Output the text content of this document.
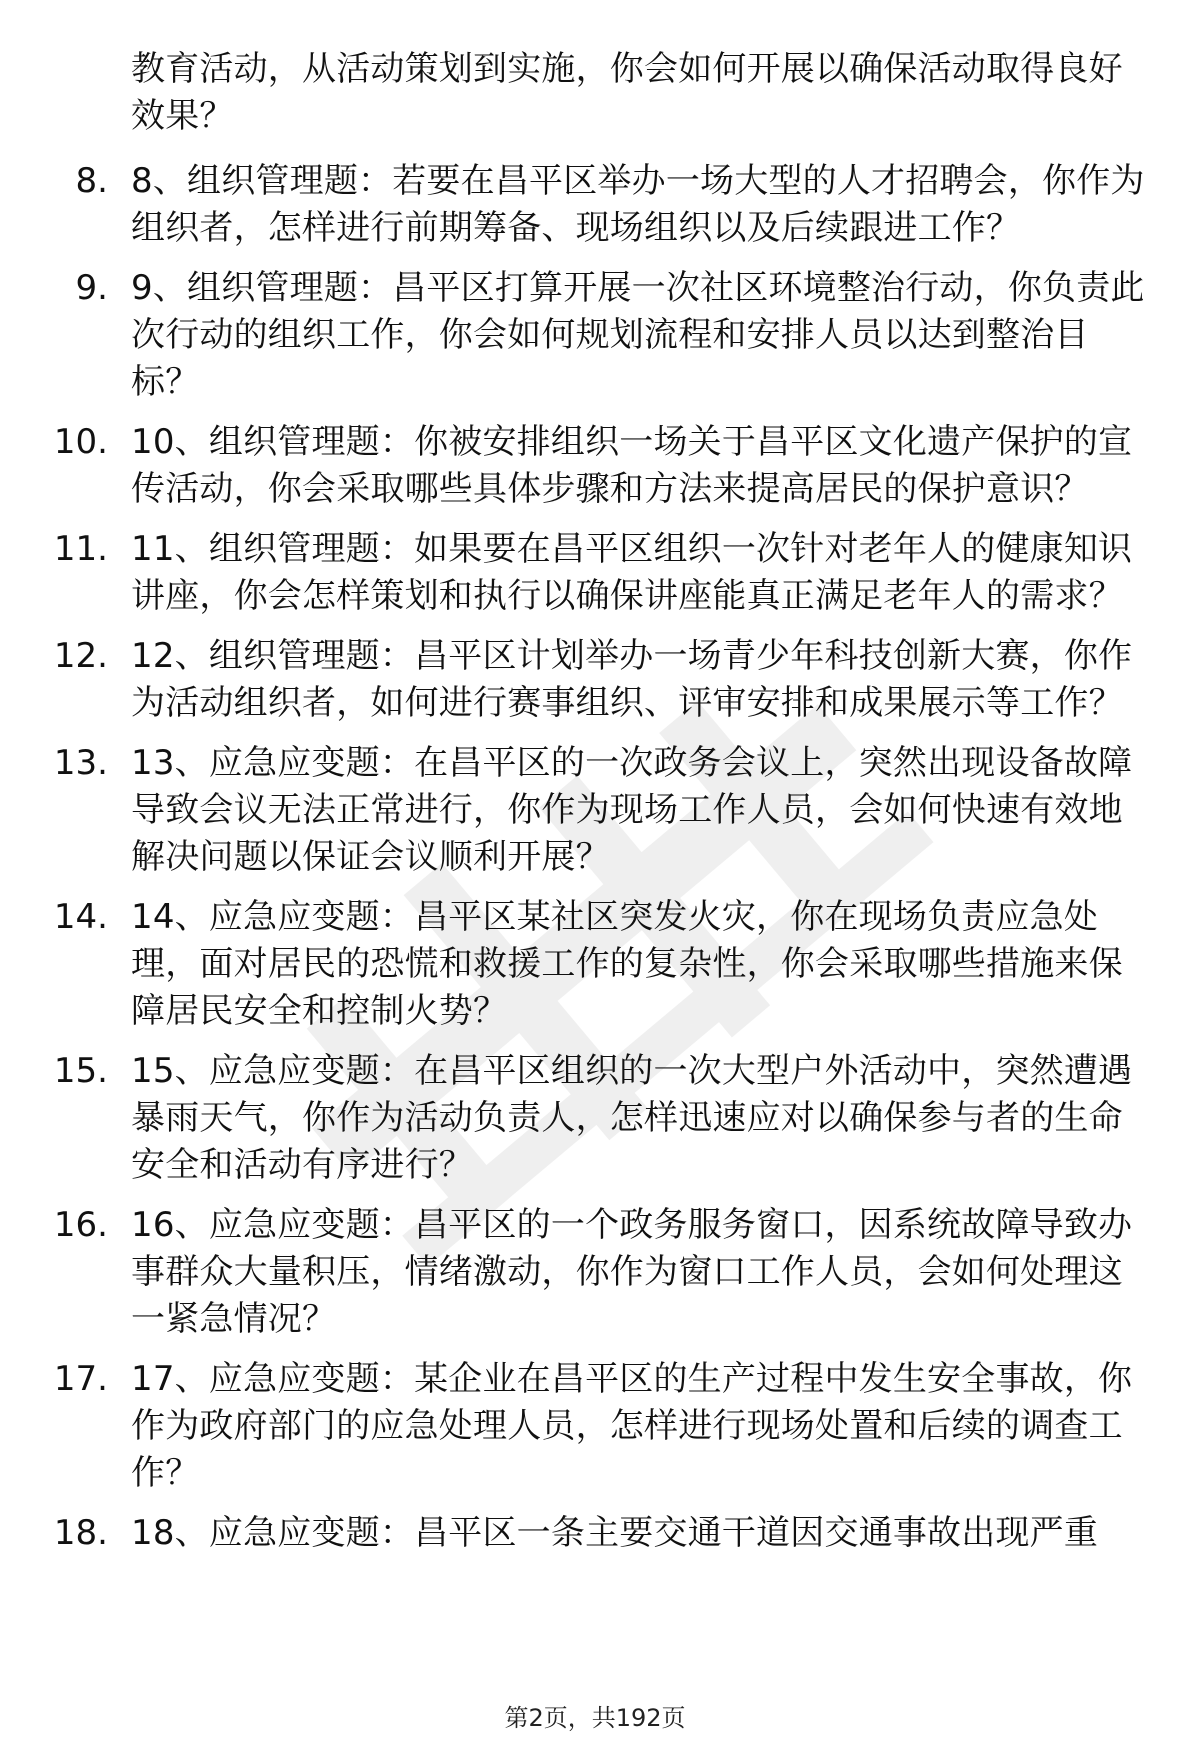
教育活动，从活动策划到实施，你会如何开展以确保活动取得良好效果？
8. 8、组织管理题：若要在昌平区举办一场大型的人才招聘会，你作为组织者，怎样进行前期筹备、现场组织以及后续跟进工作？
9. 9、组织管理题：昌平区打算开展一次社区环境整治行动，你负责此次行动的组织工作，你会如何规划流程和安排人员以达到整治目标？
10. 10、组织管理题：你被安排组织一场关于昌平区文化遗产保护的宣传活动，你会采取哪些具体步骤和方法来提高居民的保护意识？
11. 11、组织管理题：如果要在昌平区组织一次针对老年人的健康知识讲座，你会怎样策划和执行以确保讲座能真正满足老年人的需求？
12. 12、组织管理题：昌平区计划举办一场青少年科技创新大赛，你作为活动组织者，如何进行赛事组织、评审安排和成果展示等工作？
13. 13、应急应变题：在昌平区的一次政务会议上，突然出现设备故障导致会议无法正常进行，你作为现场工作人员，会如何快速有效地解决问题以保证会议顺利开展？
14. 14、应急应变题：昌平区某社区突发火灾，你在现场负责应急处理，面对居民的恐慌和救援工作的复杂性，你会采取哪些措施来保障居民安全和控制火势？
15. 15、应急应变题：在昌平区组织的一次大型户外活动中，突然遭遇暴雨天气，你作为活动负责人，怎样迅速应对以确保参与者的生命安全和活动有序进行？
16. 16、应急应变题：昌平区的一个政务服务窗口，因系统故障导致办事群众大量积压，情绪激动，你作为窗口工作人员，会如何处理这一紧急情况？
17. 17、应急应变题：某企业在昌平区的生产过程中发生安全事故，你作为政府部门的应急处理人员，怎样进行现场处置和后续的调查工作？
18. 18、应急应变题：昌平区一条主要交通干道因交通事故出现严重
第2页，共192页
